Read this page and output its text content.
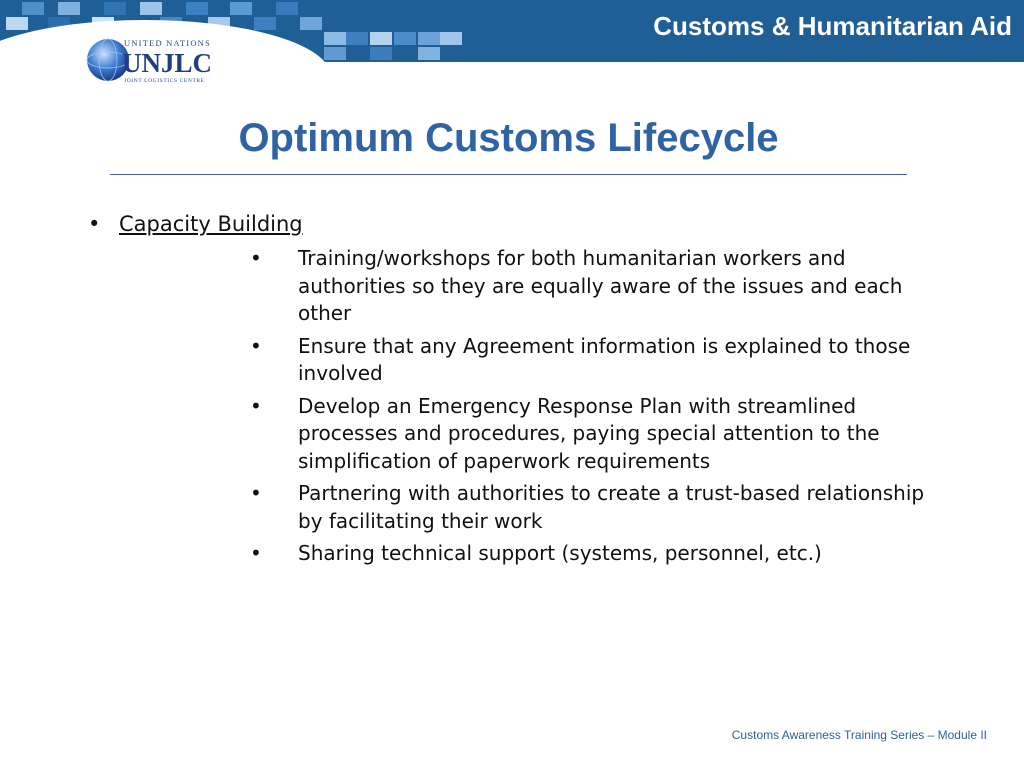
Customs & Humanitarian Aid
UNITED NATIONS
UNJLC
JOINT LOGISTICS CENTRE
Optimum Customs Lifecycle
• Capacity Building
• Training/workshops for both humanitarian workers and authorities so they are equally aware of the issues and each other
• Ensure that any Agreement information is explained to those involved
• Develop an Emergency Response Plan with streamlined processes and procedures, paying special attention to the simplification of paperwork requirements
• Partnering with authorities to create a trust-based relationship by facilitating their work
• Sharing technical support (systems, personnel, etc.)
Customs Awareness Training Series – Module II
